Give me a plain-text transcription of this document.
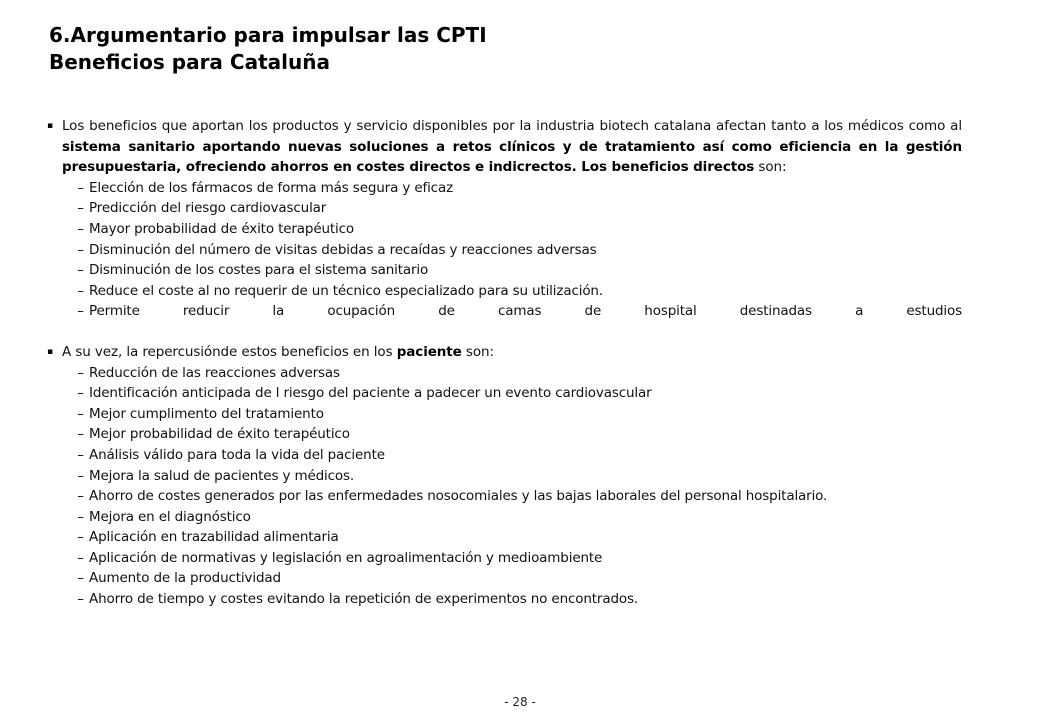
6.Argumentario para impulsar las CPTI
Beneficios para Cataluña
▪ Los beneficios que aportan los productos y servicio disponibles por la industria biotech catalana afectan tanto a los médicos como al sistema sanitario aportando nuevas soluciones a retos clínicos y de tratamiento así como eficiencia en la gestión presupuestaria, ofreciendo ahorros en costes directos e indicrectos. Los beneficios directos son:
– Elección de los fármacos de forma más segura y eficaz
– Predicción del riesgo cardiovascular
– Mayor probabilidad de éxito terapéutico
– Disminución del número de visitas debidas a recaídas y reacciones adversas
– Disminución de los costes para el sistema sanitario
– Reduce el coste al no requerir de un técnico especializado para su utilización.
– Permite reducir la ocupación de camas de hospital destinadas a estudios
▪ A su vez, la repercusiónde estos beneficios en los paciente son:
– Reducción de las reacciones adversas
– Identificación anticipada de l riesgo del paciente a padecer un evento cardiovascular
– Mejor cumplimento del tratamiento
– Mejor probabilidad de éxito terapéutico
– Análisis válido para toda la vida del paciente
– Mejora la salud de pacientes y médicos.
– Ahorro de costes generados por las enfermedades nosocomiales y las bajas laborales del personal hospitalario.
– Mejora en el diagnóstico
– Aplicación en trazabilidad alimentaria
– Aplicación de normativas y legislación en agroalimentación y medioambiente
– Aumento de la productividad
– Ahorro de tiempo y costes evitando la repetición de experimentos no encontrados.
- 28 -
